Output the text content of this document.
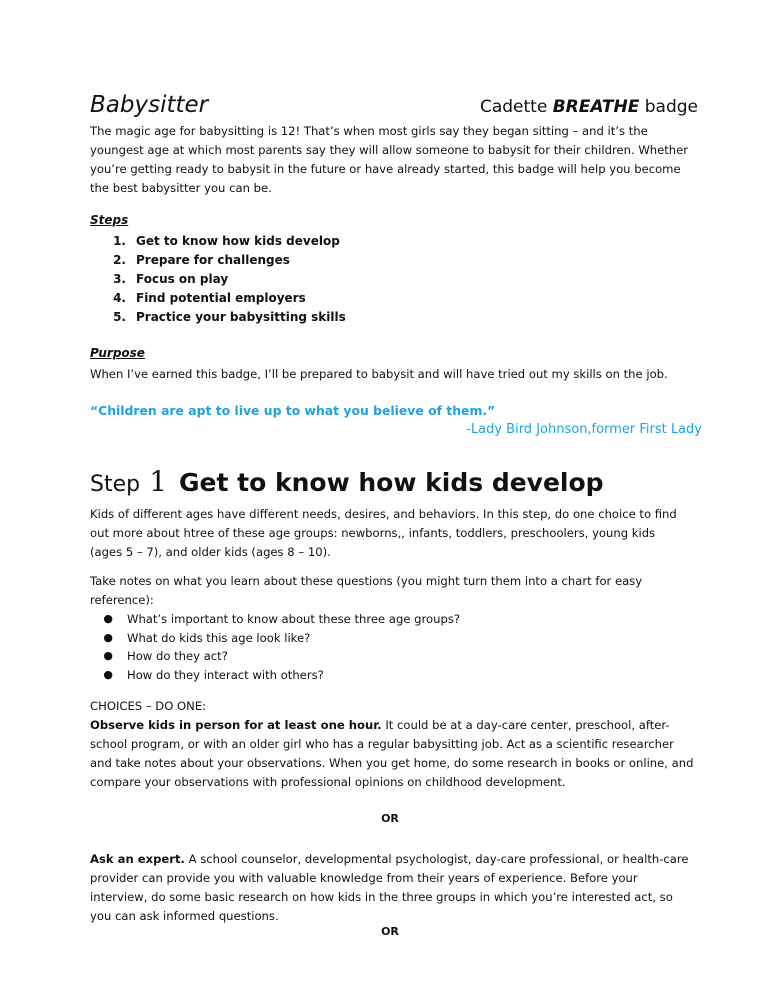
Babysitter	Cadette BREATHE badge

The magic age for babysitting is 12! That’s when most girls say they began sitting – and it’s the youngest age at which most parents say they will allow someone to babysit for their children. Whether you’re getting ready to babysit in the future or have already started, this badge will help you become the best babysitter you can be.

Steps
1. Get to know how kids develop
2. Prepare for challenges
3. Focus on play
4. Find potential employers
5. Practice your babysitting skills
Purpose

When I’ve earned this badge, I’ll be prepared to babysit and will have tried out my skills on the job.

“Children are apt to live up to what you believe of them.”
-Lady Bird Johnson,former First Lady
Step 1 Get to know how kids develop

Kids of different ages have different needs, desires, and behaviors. In this step, do one choice to find out more about htree of these age groups: newborns,, infants, toddlers, preschoolers, young kids (ages 5 – 7), and older kids (ages 8 – 10).

Take notes on what you learn about these questions (you might turn them into a chart for easy reference):

●	What’s important to know about these three age groups?
●	What do kids this age look like?
●	How do they act?
●	How do they interact with others?
CHOICES – DO ONE:

Observe kids in person for at least one hour. It could be at a day-care center, preschool, after-school program, or with an older girl who has a regular babysitting job. Act as a scientific researcher and take notes about your observations. When you get home, do some research in books or online, and compare your observations with professional opinions on childhood development.

OR

Ask an expert. A school counselor, developmental psychologist, day-care professional, or health-care provider can provide you with valuable knowledge from their years of experience. Before your interview, do some basic research on how kids in the three groups in which you’re interested act, so you can ask informed questions.

OR
